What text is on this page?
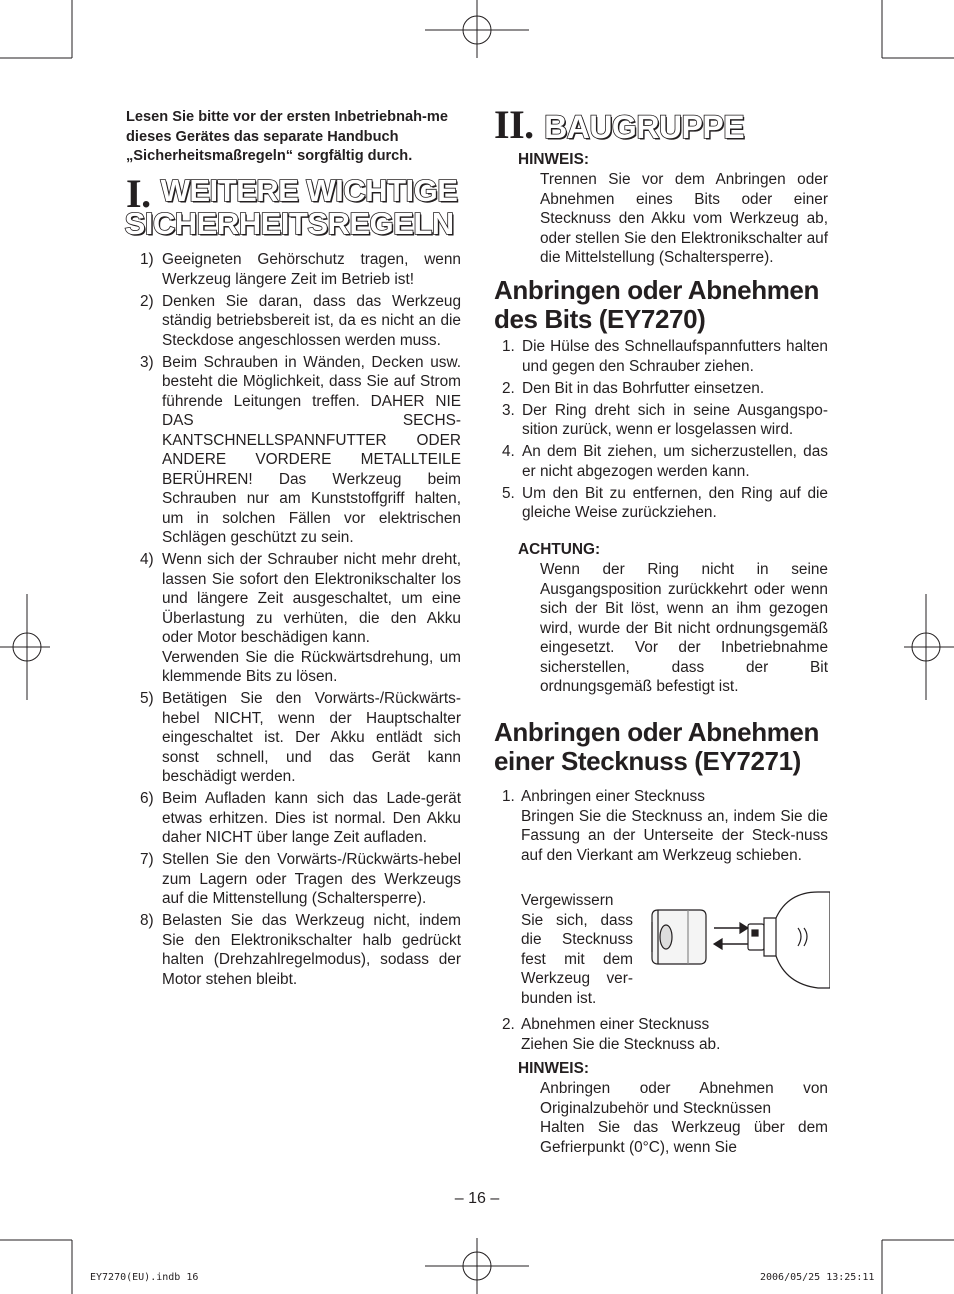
Lesen Sie bitte vor der ersten Inbetriebnah-me dieses Gerätes das separate Handbuch „Sicherheitsmaßregeln“ sorgfältig durch.
I. WEITERE WICHTIGE
SICHERHEITSREGELN
1) Geeigneten Gehörschutz tragen, wenn Werkzeug längere Zeit im Betrieb ist!
2) Denken Sie daran, dass das Werkzeug ständig betriebsbereit ist, da es nicht an die Steckdose angeschlossen werden muss.
3) Beim Schrauben in Wänden, Decken usw. besteht die Möglichkeit, dass Sie auf Strom führende Leitungen treffen. DAHER NIE DAS SECHS-KANTSCHNELLSPANNFUTTER ODER ANDERE VORDERE METALLTEILE BERÜHREN! Das Werkzeug beim Schrauben nur am Kunststoffgriff halten, um in solchen Fällen vor elektrischen Schlägen geschützt zu sein.
4) Wenn sich der Schrauber nicht mehr dreht, lassen Sie sofort den Elektronikschalter los und längere Zeit ausgeschaltet, um eine Überlastung zu verhüten, die den Akku oder Motor beschädigen kann.
Verwenden Sie die Rückwärtsdrehung, um klemmende Bits zu lösen.
5) Betätigen Sie den Vorwärts-/Rückwärts-hebel NICHT, wenn der Hauptschalter eingeschaltet ist. Der Akku entlädt sich sonst schnell, und das Gerät kann beschädigt werden.
6) Beim Aufladen kann sich das Lade-gerät etwas erhitzen. Dies ist normal. Den Akku daher NICHT über lange Zeit aufladen.
7) Stellen Sie den Vorwärts-/Rückwärts-hebel zum Lagern oder Tragen des Werkzeugs auf die Mittenstellung (Schaltersperre).
8) Belasten Sie das Werkzeug nicht, indem Sie den Elektronikschalter halb gedrückt halten (Drehzahlregelmodus), sodass der Motor stehen bleibt.
II. BAUGRUPPE
HINWEIS:
Trennen Sie vor dem Anbringen oder Abnehmen eines Bits oder einer Stecknuss den Akku vom Werkzeug ab, oder stellen Sie den Elektronikschalter auf die Mittelstellung (Schaltersperre).
Anbringen oder Abnehmen
des Bits (EY7270)
1. Die Hülse des Schnellaufspannfutters halten und gegen den Schrauber ziehen.
2. Den Bit in das Bohrfutter einsetzen.
3. Der Ring dreht sich in seine Ausgangspo-sition zurück, wenn er losgelassen wird.
4. An dem Bit ziehen, um sicherzustellen, das er nicht abgezogen werden kann.
5. Um den Bit zu entfernen, den Ring auf die gleiche Weise zurückziehen.
ACHTUNG:
Wenn der Ring nicht in seine Ausgangsposition zurückkehrt oder wenn sich der Bit löst, wenn an ihm gezogen wird, wurde der Bit nicht ordnungsgemäß eingesetzt. Vor der Inbetriebnahme sicherstellen, dass der Bit ordnungsgemäß befestigt ist.
Anbringen oder Abnehmen
einer Stecknuss (EY7271)
1. Anbringen einer Stecknuss
Bringen Sie die Stecknuss an, indem Sie die Fassung an der Unterseite der Steck-nuss auf den Vierkant am Werkzeug schieben.
Vergewissern Sie sich, dass die Stecknuss fest mit dem Werkzeug ver-bunden ist.
2. Abnehmen einer Stecknuss
Ziehen Sie die Stecknuss ab.
HINWEIS:
Anbringen oder Abnehmen von Originalzubehör und Stecknüssen
Halten Sie das Werkzeug über dem Gefrierpunkt (0°C), wenn Sie
– 16 –
EY7270(EU).indb 16	2006/05/25 13:25:11
